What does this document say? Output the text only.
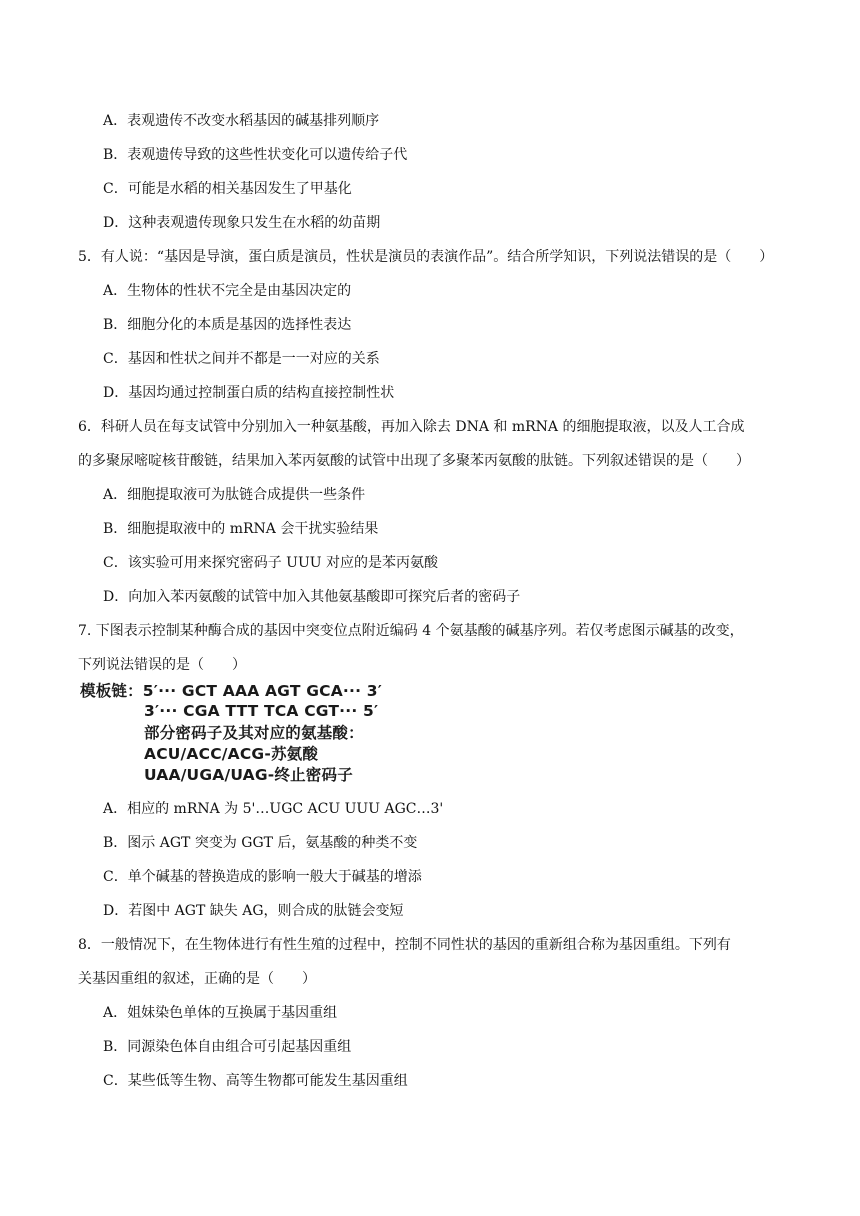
A．表观遗传不改变水稻基因的碱基排列顺序
B．表观遗传导致的这些性状变化可以遗传给子代
C．可能是水稻的相关基因发生了甲基化
D．这种表观遗传现象只发生在水稻的幼苗期
5．有人说：“基因是导演，蛋白质是演员，性状是演员的表演作品”。结合所学知识，下列说法错误的是（　　）
A．生物体的性状不完全是由基因决定的
B．细胞分化的本质是基因的选择性表达
C．基因和性状之间并不都是一一对应的关系
D．基因均通过控制蛋白质的结构直接控制性状
6．科研人员在每支试管中分别加入一种氨基酸，再加入除去 DNA 和 mRNA 的细胞提取液，以及人工合成
的多聚尿嘧啶核苷酸链，结果加入苯丙氨酸的试管中出现了多聚苯丙氨酸的肽链。下列叙述错误的是（　　）
A．细胞提取液可为肽链合成提供一些条件
B．细胞提取液中的 mRNA 会干扰实验结果
C．该实验可用来探究密码子 UUU 对应的是苯丙氨酸
D．向加入苯丙氨酸的试管中加入其他氨基酸即可探究后者的密码子
7. 下图表示控制某种酶合成的基因中突变位点附近编码 4 个氨基酸的碱基序列。若仅考虑图示碱基的改变，
下列说法错误的是（　　）
模板链：5′··· GCT AAA AGT GCA··· 3′
3′··· CGA TTT TCA CGT··· 5′
部分密码子及其对应的氨基酸：
ACU/ACC/ACG-苏氨酸
UAA/UGA/UAG-终止密码子
A．相应的 mRNA 为 5'…UGC ACU UUU AGC…3'
B．图示 AGT 突变为 GGT 后，氨基酸的种类不变
C．单个碱基的替换造成的影响一般大于碱基的增添
D．若图中 AGT 缺失 AG，则合成的肽链会变短
8．一般情况下，在生物体进行有性生殖的过程中，控制不同性状的基因的重新组合称为基因重组。下列有
关基因重组的叙述，正确的是（　　）
A．姐妹染色单体的互换属于基因重组
B．同源染色体自由组合可引起基因重组
C．某些低等生物、高等生物都可能发生基因重组
